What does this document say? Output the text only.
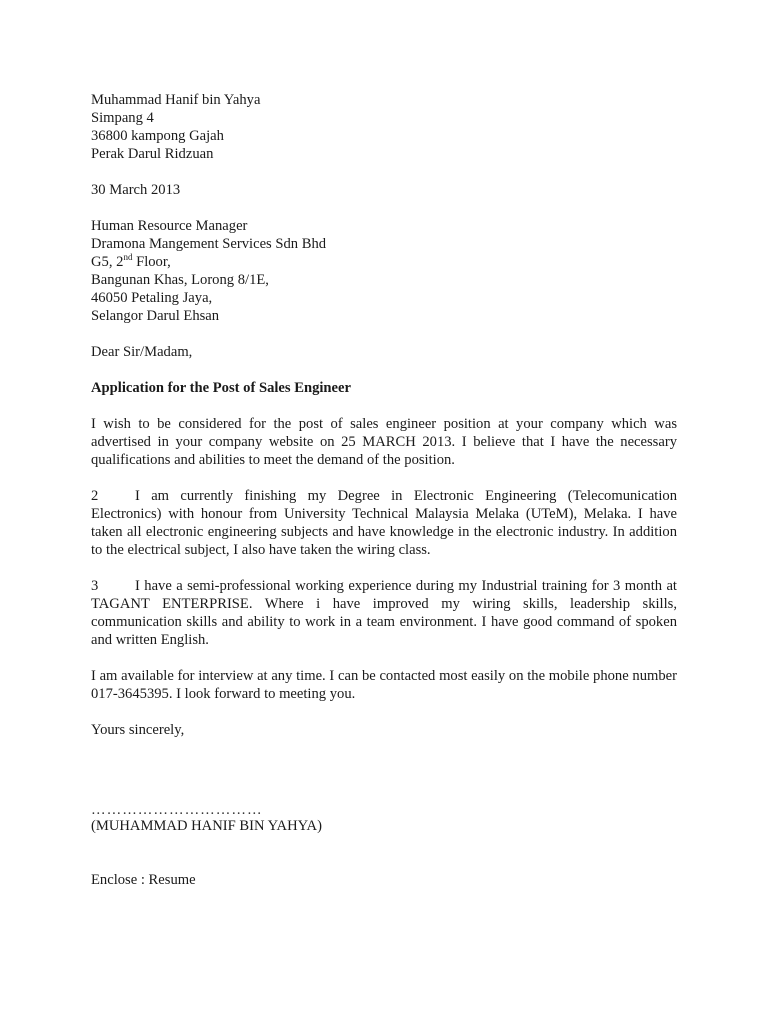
Muhammad Hanif bin Yahya
Simpang 4
36800 kampong Gajah
Perak Darul Ridzuan
30 March 2013
Human Resource Manager
Dramona Mangement Services Sdn Bhd
G5, 2nd Floor,
Bangunan Khas, Lorong 8/1E,
46050 Petaling Jaya,
Selangor Darul Ehsan
Dear Sir/Madam,
Application for the Post of Sales Engineer

I wish to be considered for the post of sales engineer position at your company which was advertised in your company website on 25 MARCH 2013. I believe that I have the necessary qualifications and abilities to meet the demand of the position.

2	I am currently finishing my Degree in Electronic Engineering (Telecomunication Electronics) with honour from University Technical Malaysia Melaka (UTeM), Melaka. I have taken all electronic engineering subjects and have knowledge in the electronic industry. In addition to the electrical subject, I also have taken the wiring class.

3	I have a semi-professional working experience during my Industrial training for 3 month at TAGANT ENTERPRISE. Where i have improved my wiring skills, leadership skills, communication skills and ability to work in a team environment. I have good command of spoken and written English.

I am available for interview at any time. I can be contacted most easily on the mobile phone number 017-3645395. I look forward to meeting you.

Yours sincerely,
……………………………
(MUHAMMAD HANIF BIN YAHYA)
Enclose : Resume
